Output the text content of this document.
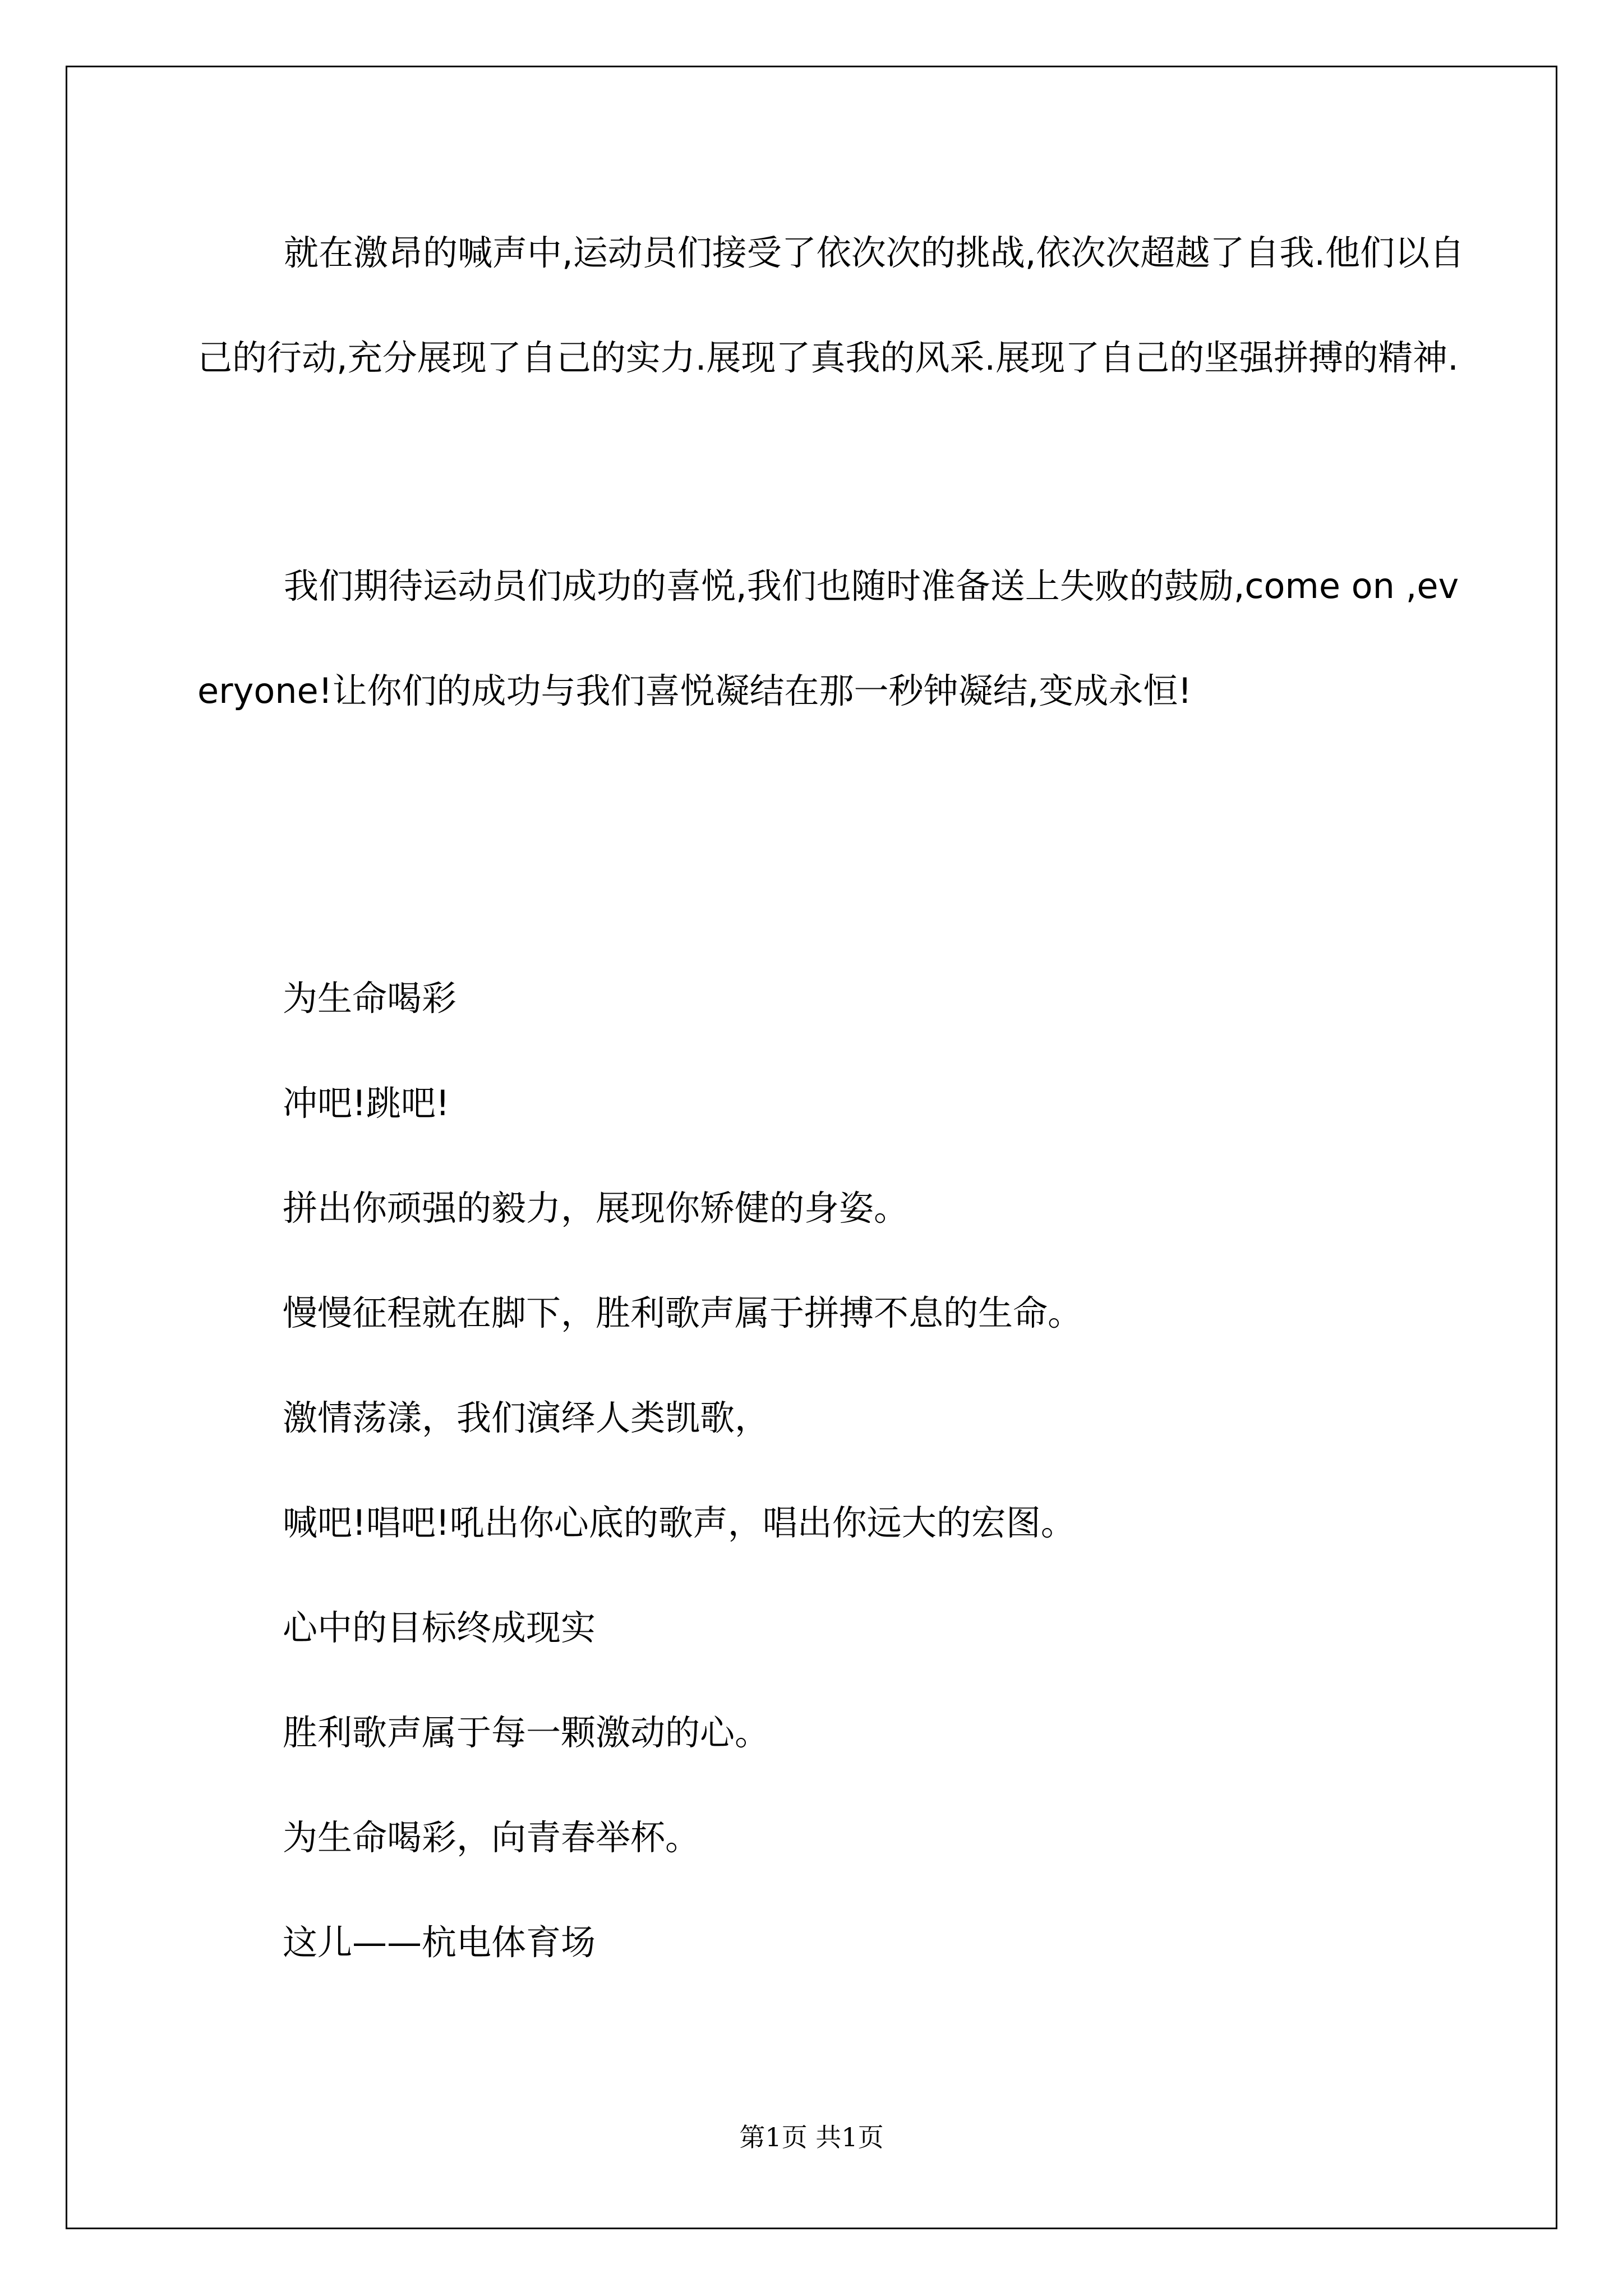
就在激昂的喊声中,运动员们接受了依次次的挑战,依次次超越了自我.他们以自己的行动,充分展现了自己的实力.展现了真我的风采.展现了自己的坚强拼搏的精神.

我们期待运动员们成功的喜悦,我们也随时准备送上失败的鼓励,come on ,everyone!让你们的成功与我们喜悦凝结在那一秒钟凝结,变成永恒!

为生命喝彩
冲吧!跳吧!
拼出你顽强的毅力，展现你矫健的身姿。
慢慢征程就在脚下，胜利歌声属于拼搏不息的生命。
激情荡漾，我们演绎人类凯歌，
喊吧!唱吧!吼出你心底的歌声，唱出你远大的宏图。
心中的目标终成现实
胜利歌声属于每一颗激动的心。
为生命喝彩，向青春举杯。
这儿——杭电体育场
第1页 共1页
